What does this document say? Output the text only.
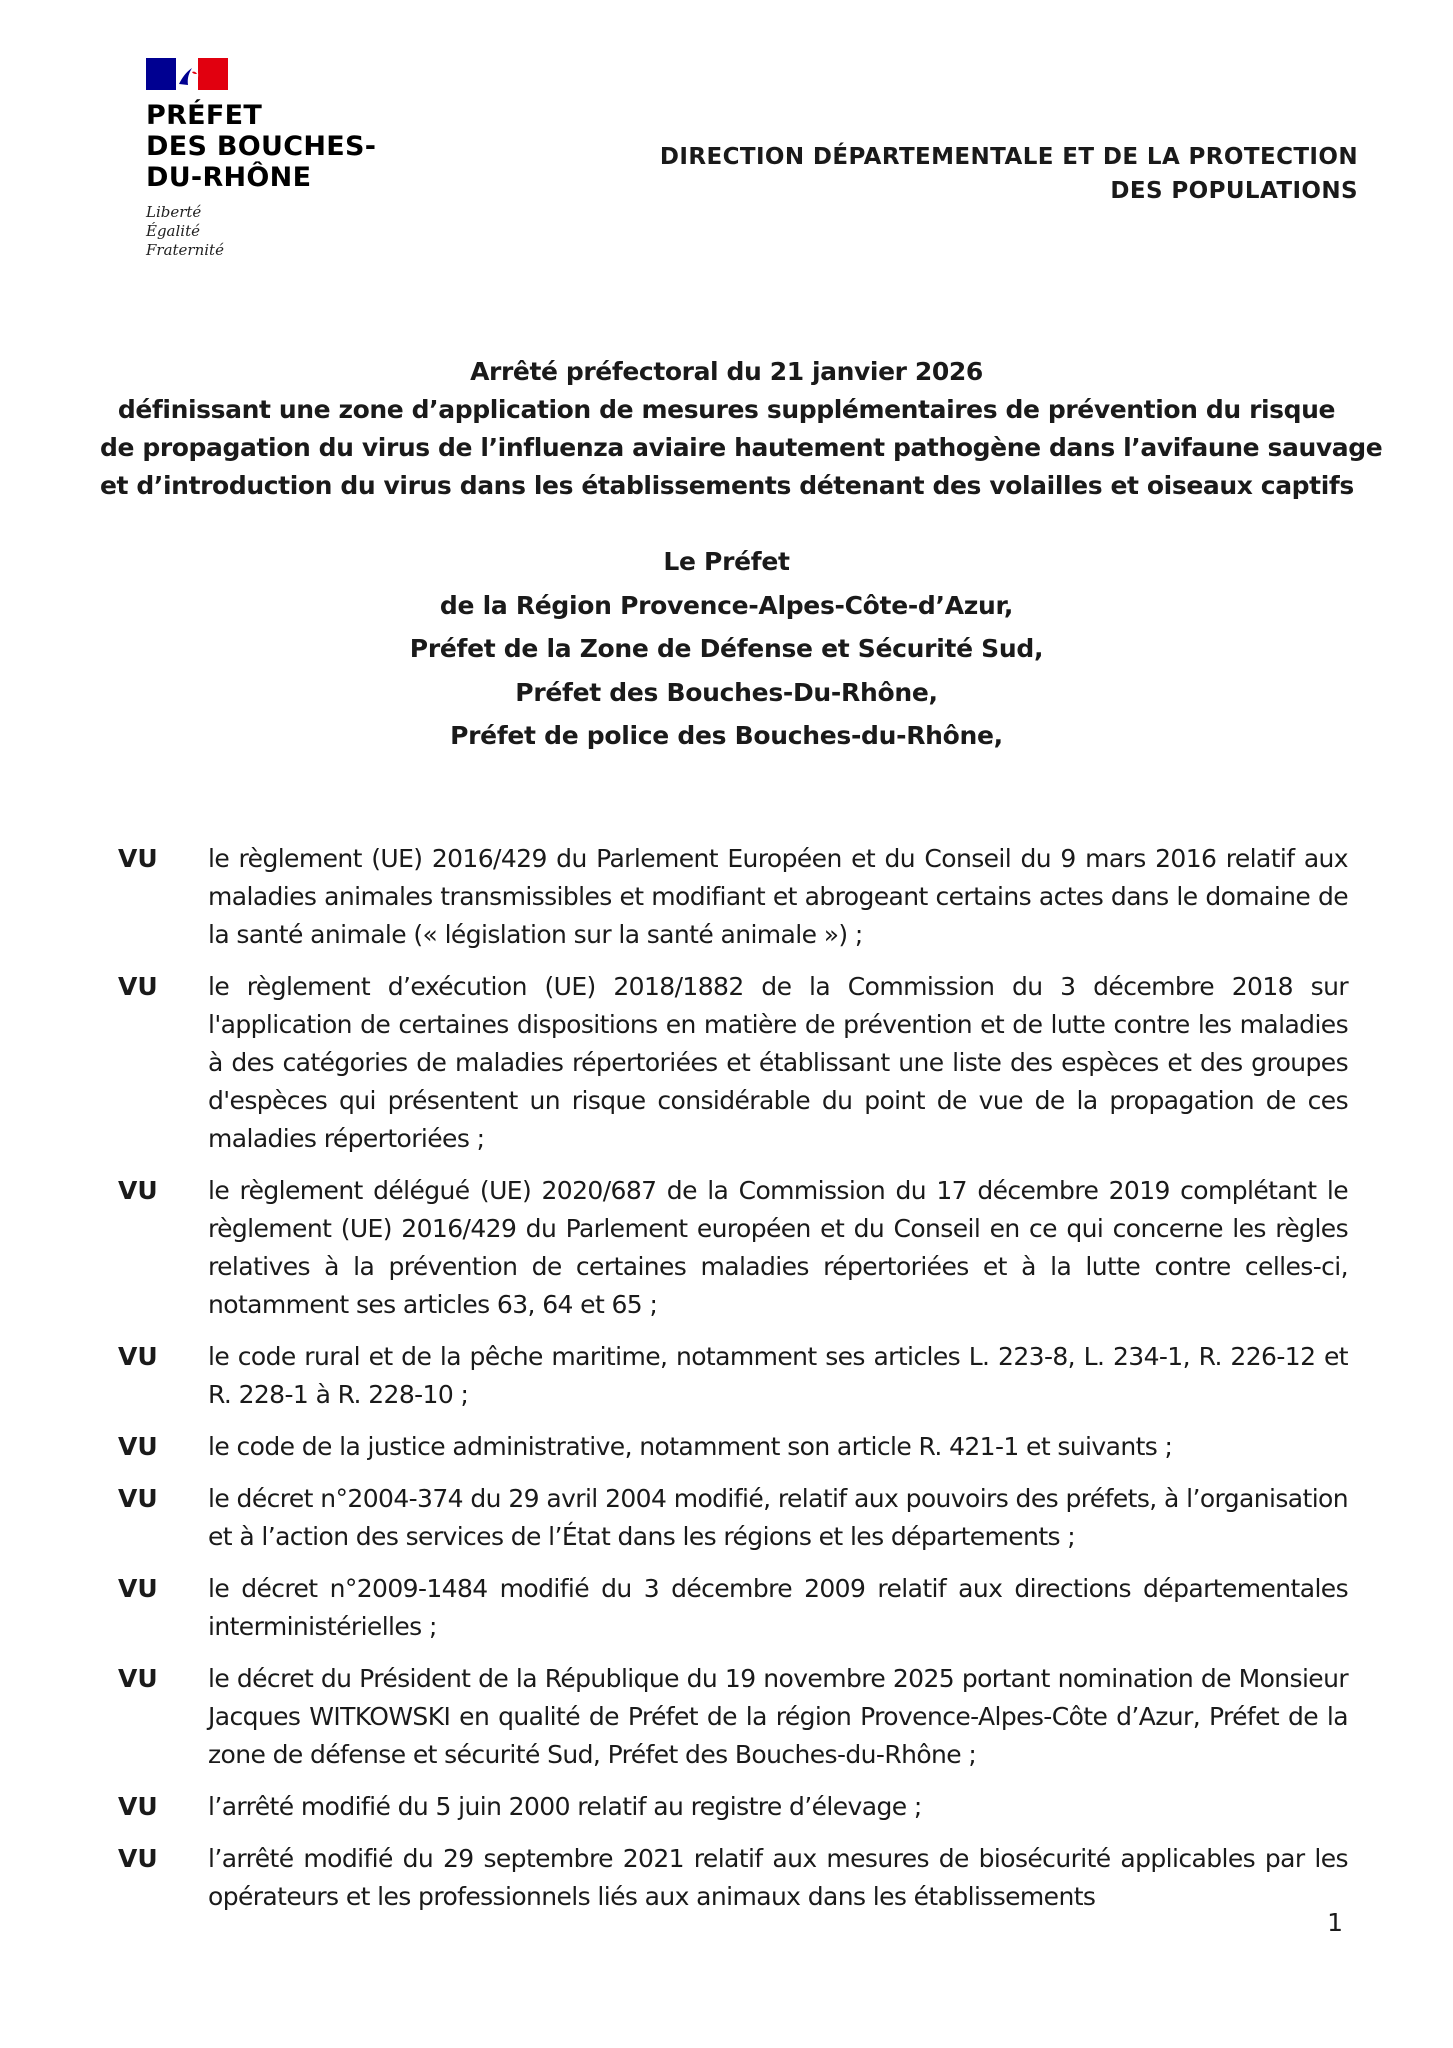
PRÉFET
DES BOUCHES-
DU-RHÔNE
Liberté
Égalité
Fraternité
DIRECTION DÉPARTEMENTALE ET DE LA PROTECTION
DES POPULATIONS
Arrêté préfectoral du 21 janvier 2026
définissant une zone d’application de mesures supplémentaires de prévention du risque
de propagation du virus de l’influenza aviaire hautement pathogène dans l’avifaune sauvage
et d’introduction du virus dans les établissements détenant des volailles et oiseaux captifs
Le Préfet
de la Région Provence-Alpes-Côte-d’Azur,
Préfet de la Zone de Défense et Sécurité Sud,
Préfet des Bouches-Du-Rhône,
Préfet de police des Bouches-du-Rhône,
VU	le règlement (UE) 2016/429 du Parlement Européen et du Conseil du 9 mars 2016 relatif aux maladies animales transmissibles et modifiant et abrogeant certains actes dans le domaine de la santé animale (« législation sur la santé animale ») ;
VU	le règlement d’exécution (UE) 2018/1882 de la Commission du 3 décembre 2018 sur l'application de certaines dispositions en matière de prévention et de lutte contre les maladies à des catégories de maladies répertoriées et établissant une liste des espèces et des groupes d'espèces qui présentent un risque considérable du point de vue de la propagation de ces maladies répertoriées ;
VU	le règlement délégué (UE) 2020/687 de la Commission du 17 décembre 2019 complétant le règlement (UE) 2016/429 du Parlement européen et du Conseil en ce qui concerne les règles relatives à la prévention de certaines maladies répertoriées et à la lutte contre celles-ci, notamment ses articles 63, 64 et 65 ;
VU	le code rural et de la pêche maritime, notamment ses articles L. 223-8, L. 234-1, R. 226-12 et R. 228-1 à R. 228-10 ;
VU	le code de la justice administrative, notamment son article R. 421-1 et suivants ;
VU	le décret n°2004-374 du 29 avril 2004 modifié, relatif aux pouvoirs des préfets, à l’organisation et à l’action des services de l’État dans les régions et les départements ;
VU	le décret n°2009-1484 modifié du 3 décembre 2009 relatif aux directions départementales interministérielles ;
VU	le décret du Président de la République du 19 novembre 2025 portant nomination de Monsieur Jacques WITKOWSKI en qualité de Préfet de la région Provence-Alpes-Côte d’Azur, Préfet de la zone de défense et sécurité Sud, Préfet des Bouches-du-Rhône ;
VU	l’arrêté modifié du 5 juin 2000 relatif au registre d’élevage ;
VU	l’arrêté modifié du 29 septembre 2021 relatif aux mesures de biosécurité applicables par les opérateurs et les professionnels liés aux animaux dans les établissements
1
